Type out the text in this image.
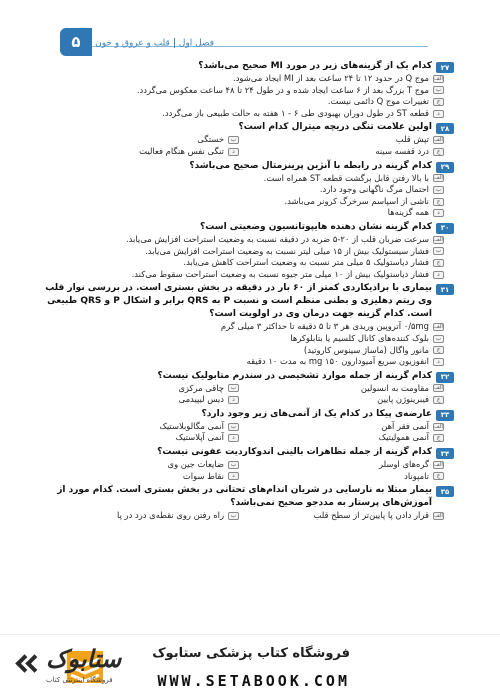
فصل اولقلب و عروق و خون
۵
۲۷
کدام یک از گزینه‌های زیر در مورد MI صحیح می‌باشد؟
الف
موج Q در حدود ۱۲ تا ۲۴ ساعت بعد از MI ایجاد می‌شود.
ب
موج T بزرگ بعد از ۶ ساعت ایجاد شده و در طول ۲۴ تا ۴۸ ساعت معکوس می‌گردد.
ج
تغییرات موج Q دائمی نیست.
د
قطعه ST در طول دوران بهبودی طی ۶ - ۱ هفته به حالت طبیعی باز می‌گردد.
۲۸
اولین علامت تنگی دریچه میترال کدام است؟
الف
تپش قلب
ب
خستگی
ج
درد قفسه سینه
د
تنگی نفس هنگام فعالیت
۲۹
کدام گزینه در رابطه با آنژین پرینزمتال صحیح می‌باشد؟
الف
با بالا رفتن قابل برگشت قطعه ST همراه است.
ب
احتمال مرگ ناگهانی وجود دارد.
ج
ناشی از اسپاسم سرخرگ کرونر می‌باشد.
د
همه گزینه‌ها
۳۰
کدام گزینه نشان دهنده هایپوتانسیون وضعیتی است؟
الف
سرعت ضربان قلب از ۲۰-۵ ضربه در دقیقه نسبت به وضعیت استراحت افزایش می‌یابد.
ب
فشار سیستولیک بیش از ۱۵ میلی لیتر نسبت به وضعیت استراحت افزایش می‌یابد.
ج
فشار دیاستولیک ۵ میلی متر نسبت به وضعیت استراحت کاهش می‌یابد.
د
فشار دیاستولیک بیش از ۱۰ میلی متر جیوه نسبت به وضعیت استراحت سقوط می‌کند.
۳۱
بیماری با برادیکاردی کمتر از ۶۰ بار در دقیقه در بخش بستری است. در بررسی نوار قلب وی ریتم دهلیزی و بطنی منظم است و نسبت P به QRS برابر و اشکال P و QRS طبیعی است. کدام گزینه جهت درمان وی در اولویت است؟
الف
۰/۵mg آتروپین وریدی هر ۳ تا ۵ دقیقه تا حداکثر ۳ میلی گرم
ب
بلوک کننده‌های کانال کلسیم یا بتابلوکرها
ج
مانور واگال (ماساژ سینوس کاروتید)
د
انفوزیون سریع آمیودارون ۱۵۰ mg به مدت ۱۰ دقیقه
۳۲
کدام گزینه از جمله موارد تشخیصی در سندرم متابولیک نیست؟
الف
مقاومت به انسولین
ب
چاقی مرکزی
ج
فیبرینوژن پایین
د
دیس لیپیدمی
۳۳
عارضه‌ی پیکا در کدام یک از آنمی‌های زیر وجود دارد؟
الف
آنمی فقر آهن
ب
آنمی مگالوبلاستیک
ج
آنمی همولیتیک
د
آنمی آپلاستیک
۳۴
کدام گزینه از جمله تظاهرات بالینی اندوکاردیت عفونی نیست؟
الف
گره‌های اوسلر
ب
ضایعات جین وی
ج
تامپوناد
د
نقاط سوات
۳۵
بیمار مبتلا به نارسایی در شریان اندام‌های تحتانی در بخش بستری است. کدام مورد از آموزش‌های پرستار به مددجو صحیح نمی‌باشد؟
الف
قرار دادن پا پایین‌تر از سطح قلب
ب
راه رفتن روی نقطه‌ی درد در پا
فروشگاه کتاب پزشکی ستابوک
WWW.SETABOOK.COM
ستابوک
فروشگاه اینترنتی کتاب
